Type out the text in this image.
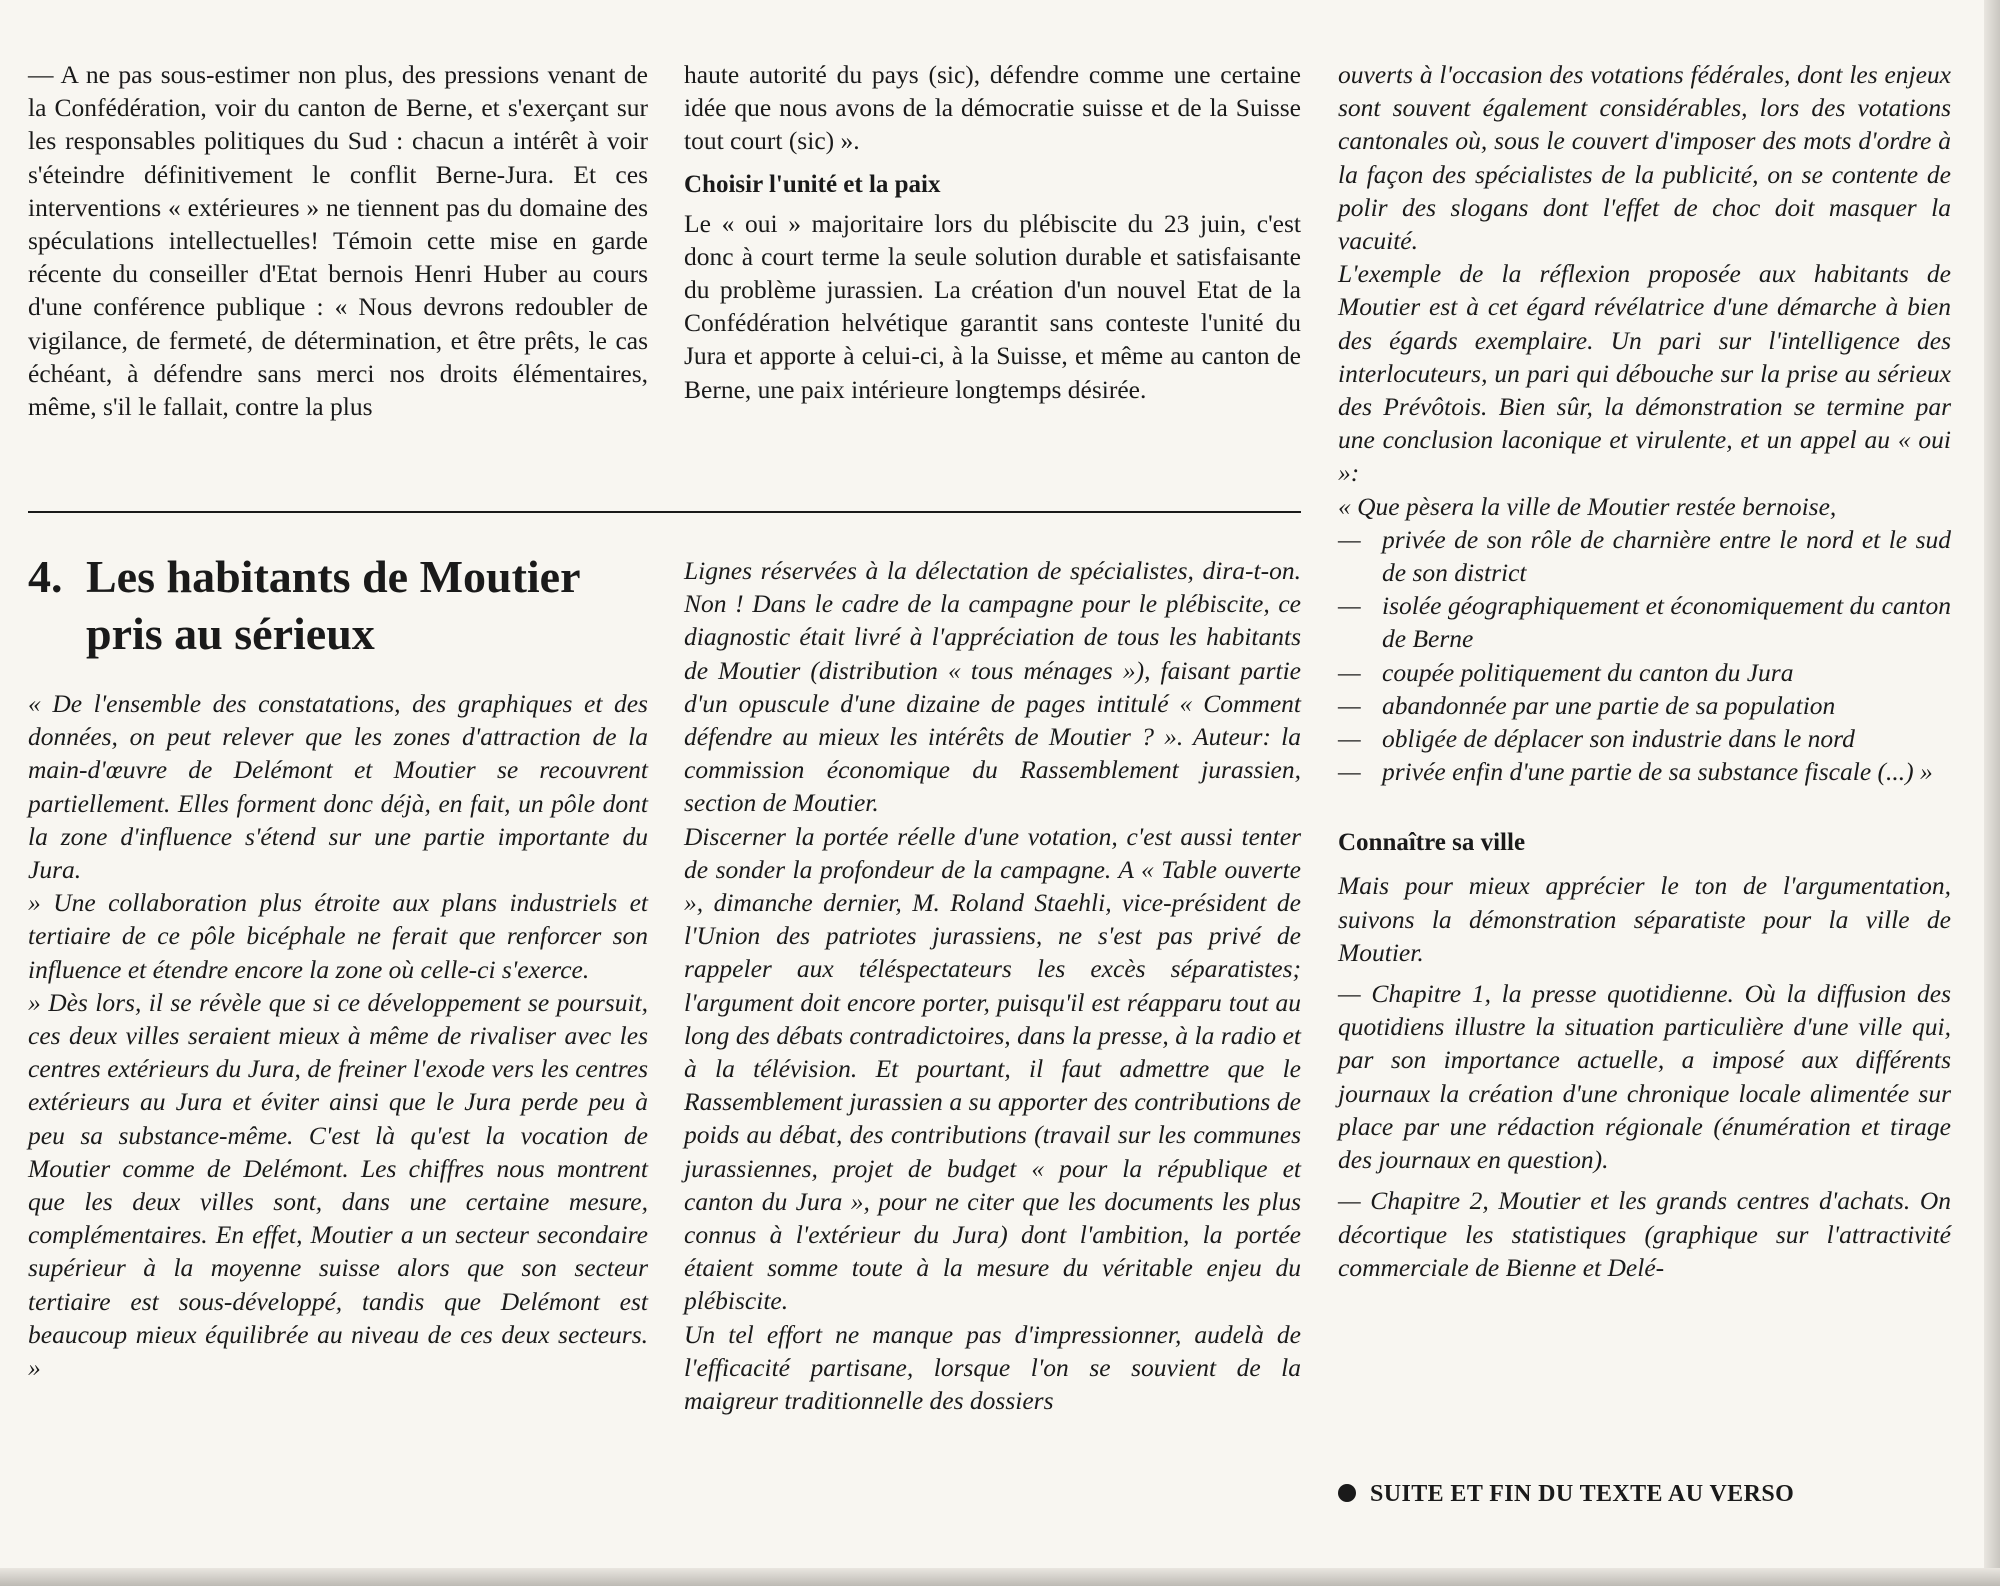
— A ne pas sous-estimer non plus, des pressions venant de la Confédération, voir du canton de Berne, et s'exerçant sur les responsables politiques du Sud : chacun a intérêt à voir s'éteindre définitivement le conflit Berne-Jura. Et ces interventions « extérieures » ne tiennent pas du domaine des spéculations intellectuelles! Témoin cette mise en garde récente du conseiller d'Etat bernois Henri Huber au cours d'une conférence publique : « Nous devrons redoubler de vigilance, de fermeté, de détermination, et être prêts, le cas échéant, à défendre sans merci nos droits élémentaires, même, s'il le fallait, contre la plus

haute autorité du pays (sic), défendre comme une certaine idée que nous avons de la démocratie suisse et de la Suisse tout court (sic) ».

Choisir l'unité et la paix

Le « oui » majoritaire lors du plébiscite du 23 juin, c'est donc à court terme la seule solution durable et satisfaisante du problème jurassien. La création d'un nouvel Etat de la Confédération helvétique garantit sans conteste l'unité du Jura et apporte à celui-ci, à la Suisse, et même au canton de Berne, une paix intérieure longtemps désirée.

4. Les habitants de Moutier
pris au sérieux

« De l'ensemble des constatations, des graphiques et des données, on peut relever que les zones d'attraction de la main-d'œuvre de Delémont et Moutier se recouvrent partiellement. Elles forment donc déjà, en fait, un pôle dont la zone d'influence s'étend sur une partie importante du Jura.

» Une collaboration plus étroite aux plans industriels et tertiaire de ce pôle bicéphale ne ferait que renforcer son influence et étendre encore la zone où celle-ci s'exerce.

» Dès lors, il se révèle que si ce développement se poursuit, ces deux villes seraient mieux à même de rivaliser avec les centres extérieurs du Jura, de freiner l'exode vers les centres extérieurs au Jura et éviter ainsi que le Jura perde peu à peu sa substance-même. C'est là qu'est la vocation de Moutier comme de Delémont. Les chiffres nous montrent que les deux villes sont, dans une certaine mesure, complémentaires. En effet, Moutier a un secteur secondaire supérieur à la moyenne suisse alors que son secteur tertiaire est sous-développé, tandis que Delémont est beaucoup mieux équilibrée au niveau de ces deux secteurs. »

Lignes réservées à la délectation de spécialistes, dira-t-on. Non ! Dans le cadre de la campagne pour le plébiscite, ce diagnostic était livré à l'appréciation de tous les habitants de Moutier (distribution « tous ménages »), faisant partie d'un opuscule d'une dizaine de pages intitulé « Comment défendre au mieux les intérêts de Moutier ? ». Auteur: la commission économique du Rassemblement jurassien, section de Moutier.

Discerner la portée réelle d'une votation, c'est aussi tenter de sonder la profondeur de la campagne. A « Table ouverte », dimanche dernier, M. Roland Staehli, vice-président de l'Union des patriotes jurassiens, ne s'est pas privé de rappeler aux téléspectateurs les excès séparatistes; l'argument doit encore porter, puisqu'il est réapparu tout au long des débats contradictoires, dans la presse, à la radio et à la télévision. Et pourtant, il faut admettre que le Rassemblement jurassien a su apporter des contributions de poids au débat, des contributions (travail sur les communes jurassiennes, projet de budget « pour la république et canton du Jura », pour ne citer que les documents les plus connus à l'extérieur du Jura) dont l'ambition, la portée étaient somme toute à la mesure du véritable enjeu du plébiscite.

Un tel effort ne manque pas d'impressionner, audelà de l'efficacité partisane, lorsque l'on se souvient de la maigreur traditionnelle des dossiers

ouverts à l'occasion des votations fédérales, dont les enjeux sont souvent également considérables, lors des votations cantonales où, sous le couvert d'imposer des mots d'ordre à la façon des spécialistes de la publicité, on se contente de polir des slogans dont l'effet de choc doit masquer la vacuité.

L'exemple de la réflexion proposée aux habitants de Moutier est à cet égard révélatrice d'une démarche à bien des égards exemplaire. Un pari sur l'intelligence des interlocuteurs, un pari qui débouche sur la prise au sérieux des Prévôtois. Bien sûr, la démonstration se termine par une conclusion laconique et virulente, et un appel au « oui »:

« Que pèsera la ville de Moutier restée bernoise,

— privée de son rôle de charnière entre le nord et le sud de son district
— isolée géographiquement et économiquement du canton de Berne
— coupée politiquement du canton du Jura
— abandonnée par une partie de sa population
— obligée de déplacer son industrie dans le nord
— privée enfin d'une partie de sa substance fiscale (...) »

Connaître sa ville

Mais pour mieux apprécier le ton de l'argumentation, suivons la démonstration séparatiste pour la ville de Moutier.

— Chapitre 1, la presse quotidienne. Où la diffusion des quotidiens illustre la situation particulière d'une ville qui, par son importance actuelle, a imposé aux différents journaux la création d'une chronique locale alimentée sur place par une rédaction régionale (énumération et tirage des journaux en question).

— Chapitre 2, Moutier et les grands centres d'achats. On décortique les statistiques (graphique sur l'attractivité commerciale de Bienne et Delé-

SUITE ET FIN DU TEXTE AU VERSO
